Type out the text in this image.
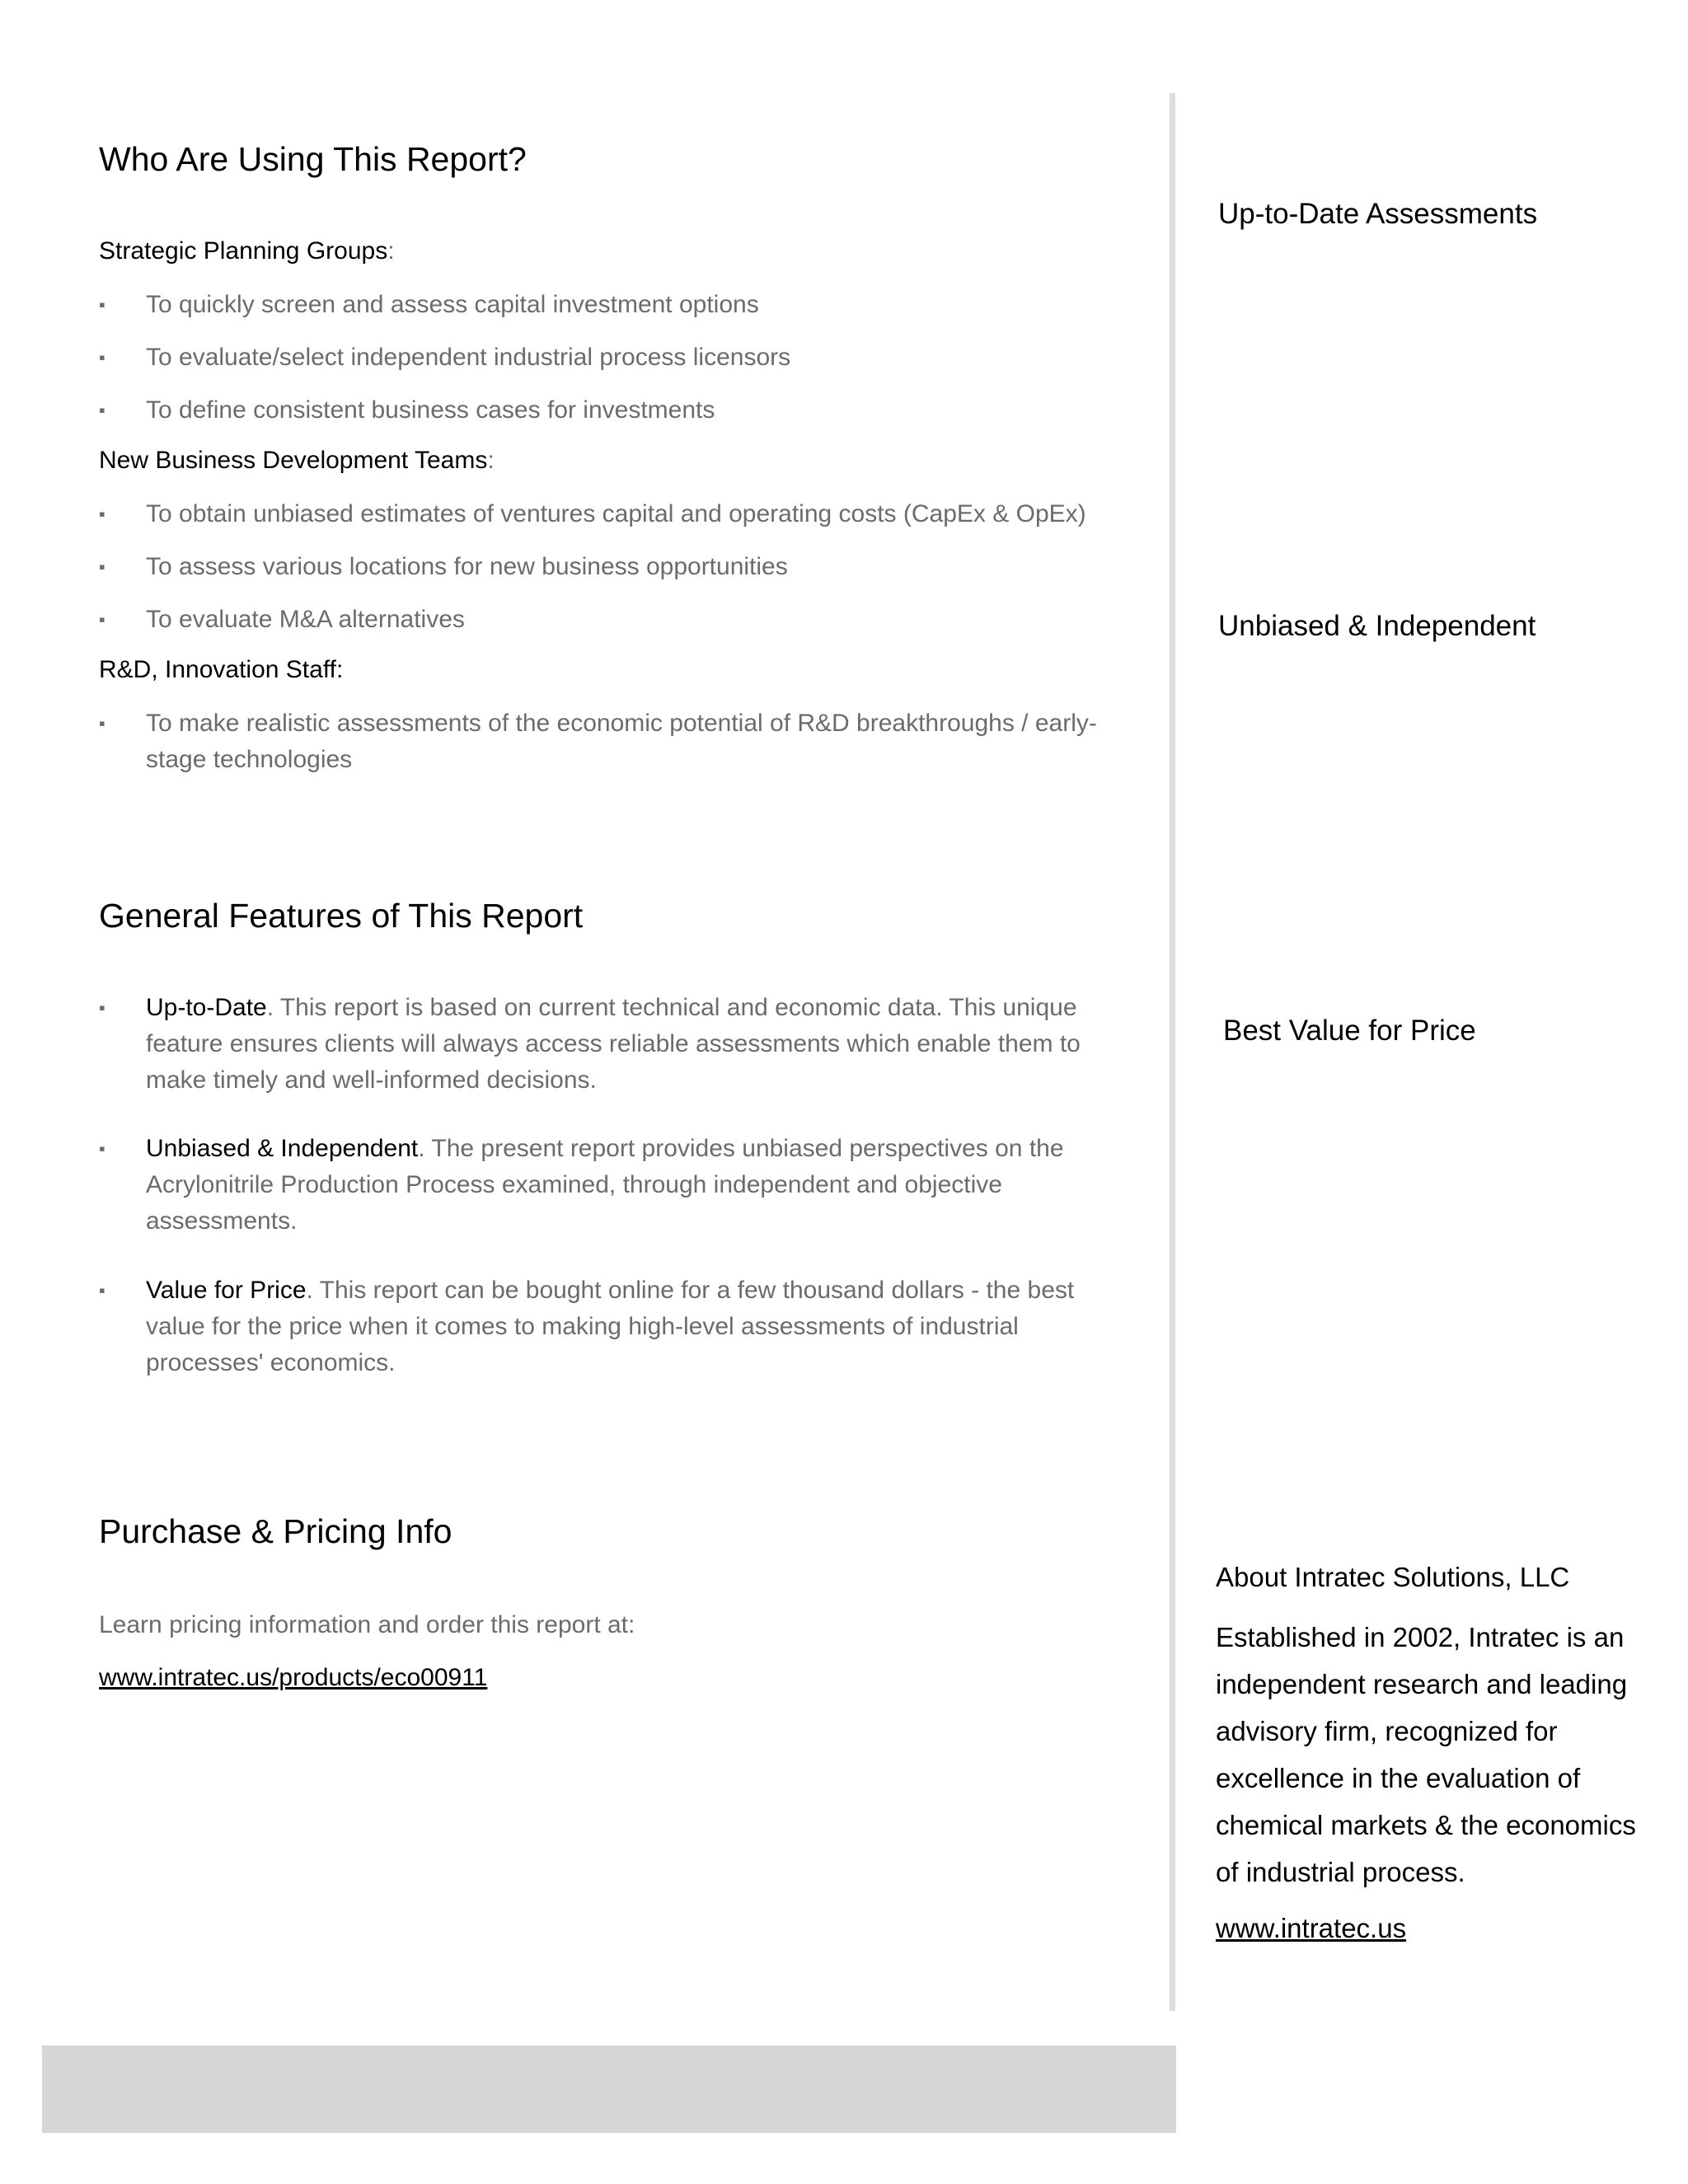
Who Are Using This Report?
Strategic Planning Groups:
▪ To quickly screen and assess capital investment options
▪ To evaluate/select independent industrial process licensors
▪ To define consistent business cases for investments
New Business Development Teams:
▪ To obtain unbiased estimates of ventures capital and operating costs (CapEx & OpEx)
▪ To assess various locations for new business opportunities
▪ To evaluate M&A alternatives
R&D, Innovation Staff:
▪ To make realistic assessments of the economic potential of R&D breakthroughs / early-stage technologies
General Features of This Report
▪ Up-to-Date. This report is based on current technical and economic data. This unique feature ensures clients will always access reliable assessments which enable them to make timely and well-informed decisions.
▪ Unbiased & Independent. The present report provides unbiased perspectives on the Acrylonitrile Production Process examined, through independent and objective assessments.
▪ Value for Price. This report can be bought online for a few thousand dollars - the best value for the price when it comes to making high-level assessments of industrial processes' economics.
Purchase & Pricing Info
Learn pricing information and order this report at:
www.intratec.us/products/eco00911
Up-to-Date Assessments
Unbiased & Independent
Best Value for Price
About Intratec Solutions, LLC
Established in 2002, Intratec is an independent research and leading advisory firm, recognized for excellence in the evaluation of chemical markets & the economics of industrial process.
www.intratec.us
